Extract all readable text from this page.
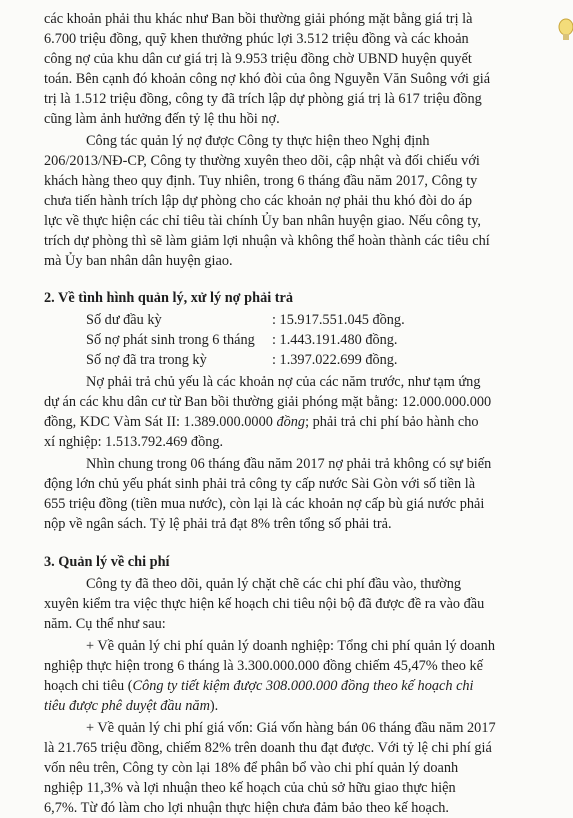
các khoản phải thu khác như Ban bồi thường giải phóng mặt bằng giá trị là
6.700 triệu đồng, quỹ khen thưởng phúc lợi 3.512 triệu đồng và các khoản
công nợ của khu dân cư giá trị là 9.953 triệu đồng chờ UBND huyện quyết
toán. Bên cạnh đó khoản công nợ khó đòi của ông Nguyễn Văn Suông với giá
trị là 1.512 triệu đồng, công ty đã trích lập dự phòng giá trị là 617 triệu đồng
cũng làm ảnh hưởng đến tỷ lệ thu hồi nợ.
Công tác quản lý nợ được Công ty thực hiện theo Nghị định
206/2013/NĐ-CP, Công ty thường xuyên theo dõi, cập nhật và đối chiếu với
khách hàng theo quy định. Tuy nhiên, trong 6 tháng đầu năm 2017, Công ty
chưa tiến hành trích lập dự phòng cho các khoản nợ phải thu khó đòi do áp
lực về thực hiện các chỉ tiêu tài chính Ủy ban nhân huyện giao. Nếu công ty,
trích dự phòng thì sẽ làm giảm lợi nhuận và không thể hoàn thành các tiêu chí
mà Ủy ban nhân dân huyện giao.
2. Về tình hình quản lý, xử lý nợ phải trả
Số dư đầu kỳ	: 15.917.551.045 đồng.
Số nợ phát sinh trong 6 tháng : 1.443.191.480 đồng.
Số nợ đã tra trong kỳ	: 1.397.022.699 đồng.
Nợ phải trả chủ yếu là các khoản nợ của các năm trước, như tạm ứng
dự án các khu dân cư từ Ban bồi thường giải phóng mặt bằng: 12.000.000.000
đồng, KDC Vàm Sát II: 1.389.000.0000 đồng; phải trả chi phí bảo hành cho
xí nghiệp: 1.513.792.469 đồng.
Nhìn chung trong 06 tháng đầu năm 2017 nợ phải trả không có sự biến
động lớn chủ yếu phát sinh phải trả công ty cấp nước Sài Gòn với số tiền là
655 triệu đồng (tiền mua nước), còn lại là các khoản nợ cấp bù giá nước phải
nộp về ngân sách. Tỷ lệ phải trả đạt 8% trên tổng số phải trả.
3. Quản lý về chi phí
Công ty đã theo dõi, quản lý chặt chẽ các chi phí đầu vào, thường
xuyên kiểm tra việc thực hiện kế hoạch chi tiêu nội bộ đã được đề ra vào đầu
năm. Cụ thể như sau:
+ Về quản lý chi phí quản lý doanh nghiệp: Tổng chi phí quản lý doanh
nghiệp thực hiện trong 6 tháng là 3.300.000.000 đồng chiếm 45,47% theo kế
hoạch chi tiêu (Công ty tiết kiệm được 308.000.000 đồng theo kế hoạch chi
tiêu được phê duyệt đầu năm).
+ Về quản lý chi phí giá vốn: Giá vốn hàng bán 06 tháng đầu năm 2017
là 21.765 triệu đồng, chiếm 82% trên doanh thu đạt được. Với tỷ lệ chi phí giá
vốn nêu trên, Công ty còn lại 18% để phân bổ vào chi phí quản lý doanh
nghiệp 11,3% và lợi nhuận theo kế hoạch của chủ sở hữu giao thực hiện
6,7%. Từ đó làm cho lợi nhuận thực hiện chưa đảm bảo theo kế hoạch.
